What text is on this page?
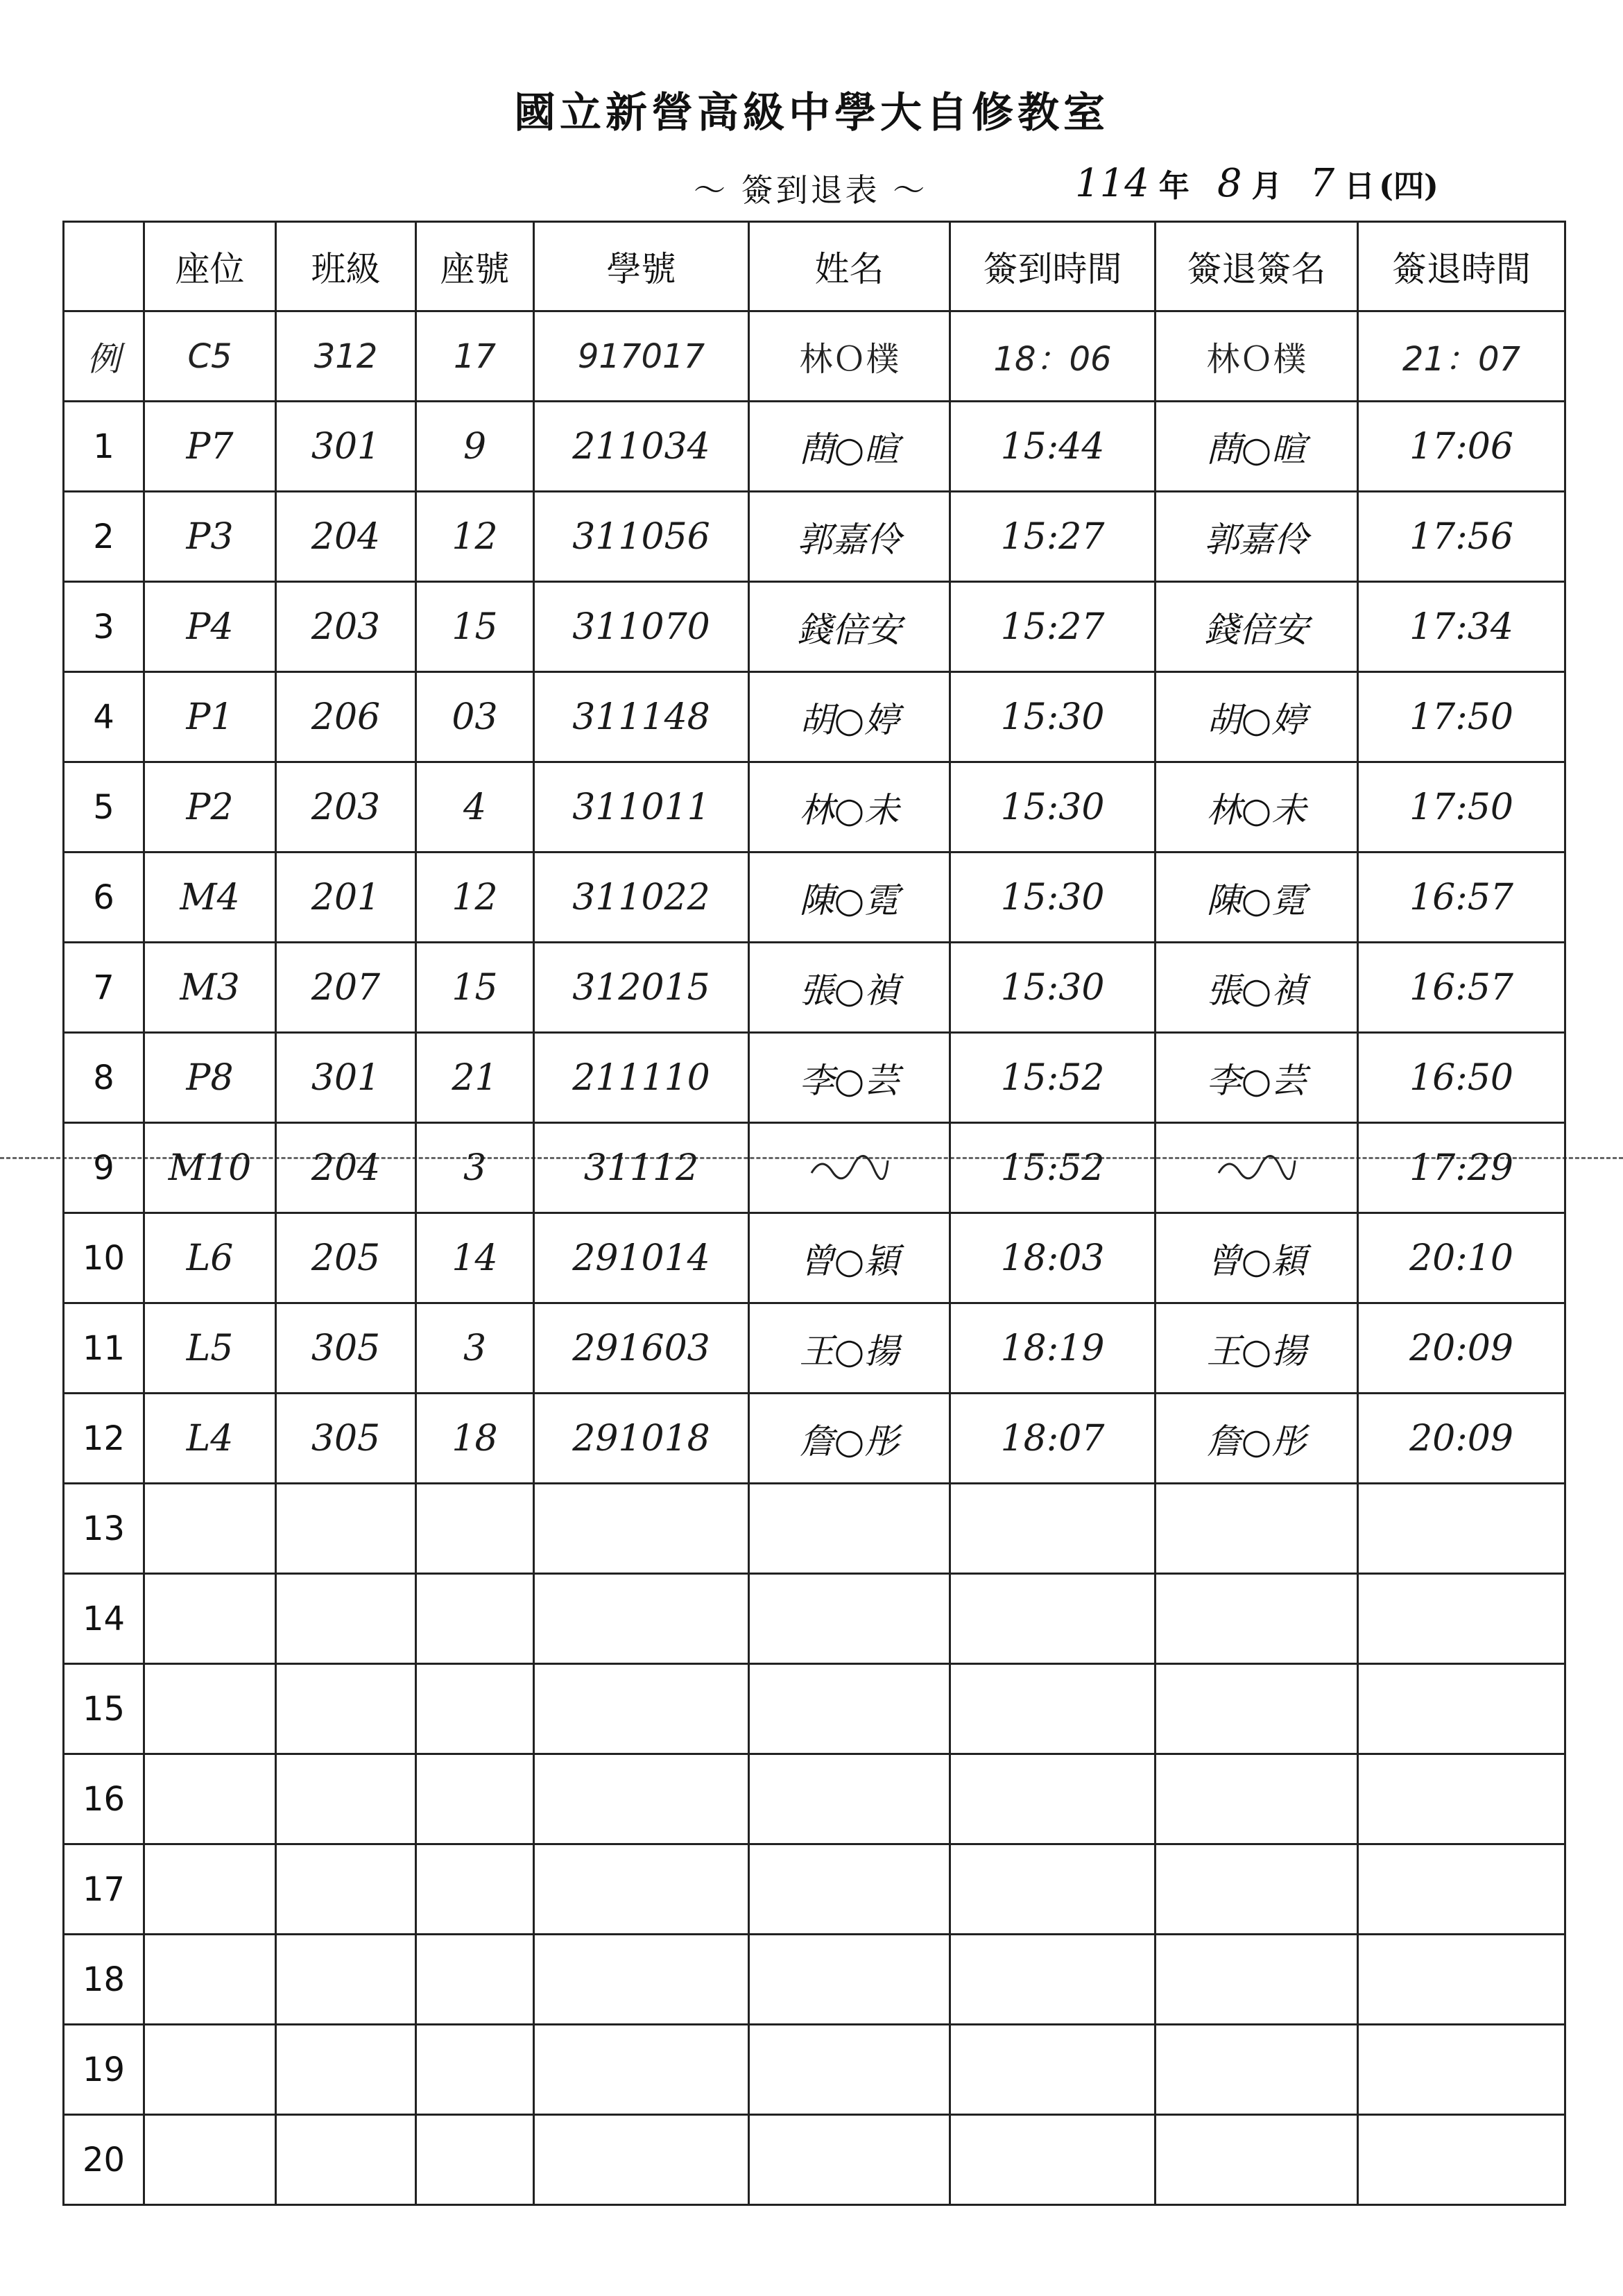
國立新營高級中學大自修教室
〜 簽到退表 〜	114 年 8 月 7 日 (四)
	座位	班級	座號	學號	姓名	簽到時間	簽退簽名	簽退時間
例	C5	312	17	917017	林Ｏ樸	18：06	林Ｏ樸	21：07
1	P7	301	9	211034	蔄○暄	15:44	蔄○暄	17:06
2	P3	204	12	311056	郭嘉伶	15:27	郭嘉伶	17:56
3	P4	203	15	311070	錢倍安	15:27	錢倍安	17:34
4	P1	206	03	311148	胡○婷	15:30	胡○婷	17:50
5	P2	203	4	311011	林○未	15:30	林○未	17:50
6	M4	201	12	311022	陳○霓	15:30	陳○霓	16:57
7	M3	207	15	312015	張○禎	15:30	張○禎	16:57
8	P8	301	21	211110	李○芸	15:52	李○芸	16:50
9	M10	204	3	31112		15:52		17:29
10	L6	205	14	291014	曾○穎	18:03	曾○穎	20:10
11	L5	305	3	291603	王○揚	18:19	王○揚	20:09
12	L4	305	18	291018	詹○彤	18:07	詹○彤	20:09
13								
14								
15								
16								
17								
18								
19								
20								
